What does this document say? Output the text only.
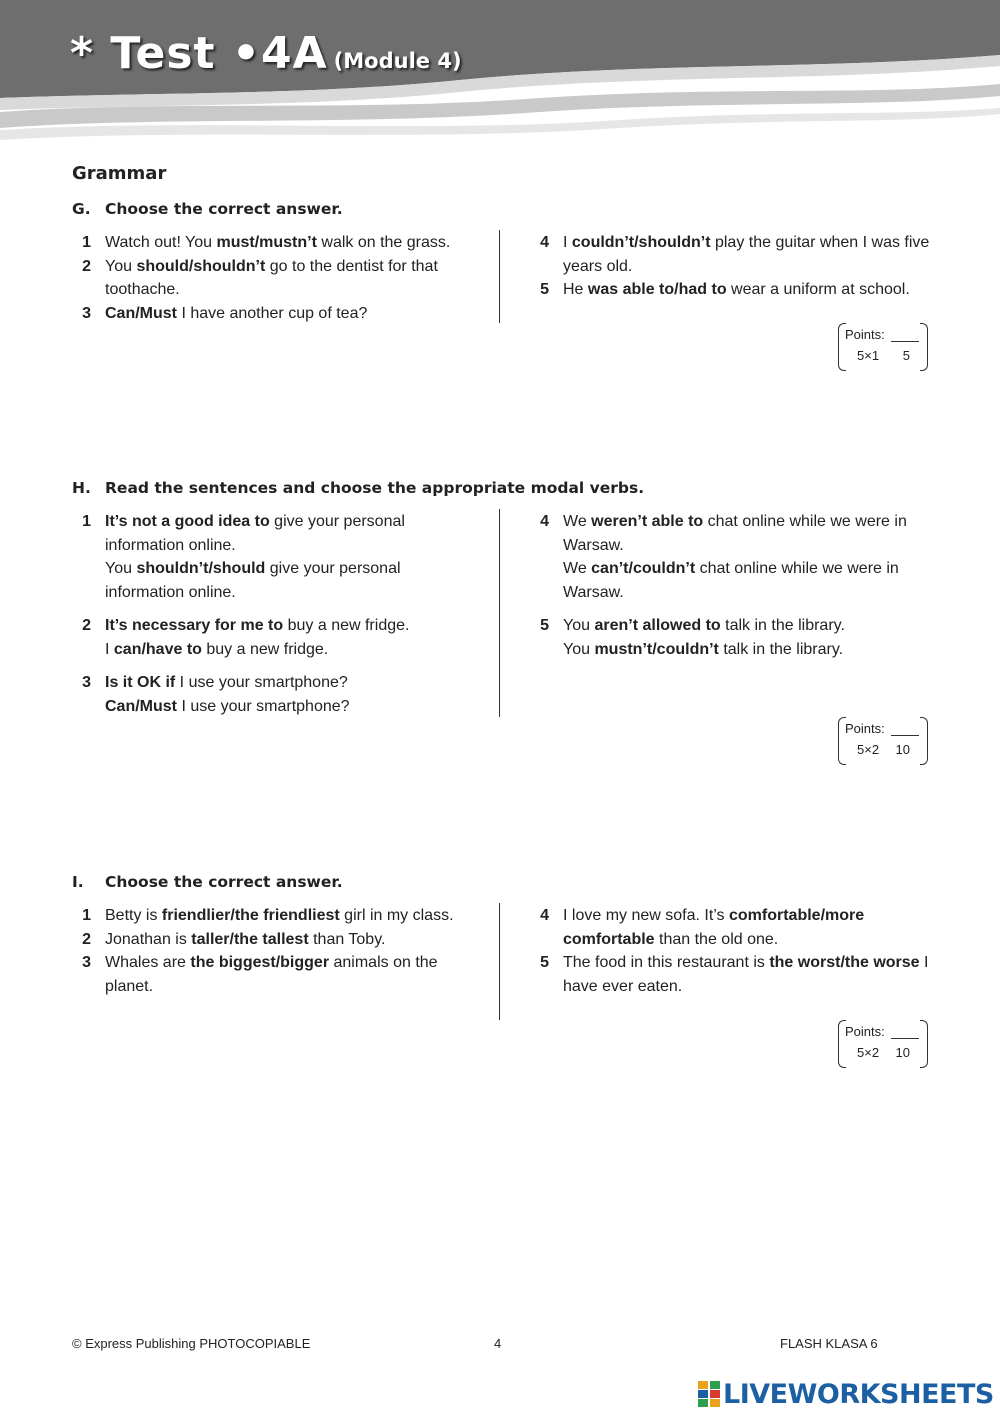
* Test •4A (Module 4)
Grammar
G. Choose the correct answer.
1 Watch out! You must/mustn’t walk on the grass.
2 You should/shouldn’t go to the dentist for that toothache.
3 Can/Must I have another cup of tea?
4 I couldn’t/shouldn’t play the guitar when I was five years old.
5 He was able to/had to wear a uniform at school.
Points:
5×1 5
H. Read the sentences and choose the appropriate modal verbs.
1 It’s not a good idea to give your personal information online.
You shouldn’t/should give your personal information online.
2 It’s necessary for me to buy a new fridge.
I can/have to buy a new fridge.
3 Is it OK if I use your smartphone?
Can/Must I use your smartphone?
4 We weren’t able to chat online while we were in Warsaw.
We can’t/couldn’t chat online while we were in Warsaw.
5 You aren’t allowed to talk in the library.
You mustn’t/couldn’t talk in the library.
Points:
5×2 10
I. Choose the correct answer.
1 Betty is friendlier/the friendliest girl in my class.
2 Jonathan is taller/the tallest than Toby.
3 Whales are the biggest/bigger animals on the planet.
4 I love my new sofa. It’s comfortable/more comfortable than the old one.
5 The food in this restaurant is the worst/the worse I have ever eaten.
Points:
5×2 10
© Express Publishing PHOTOCOPIABLE	4	FLASH KLASA 6
LIVEWORKSHEETS
